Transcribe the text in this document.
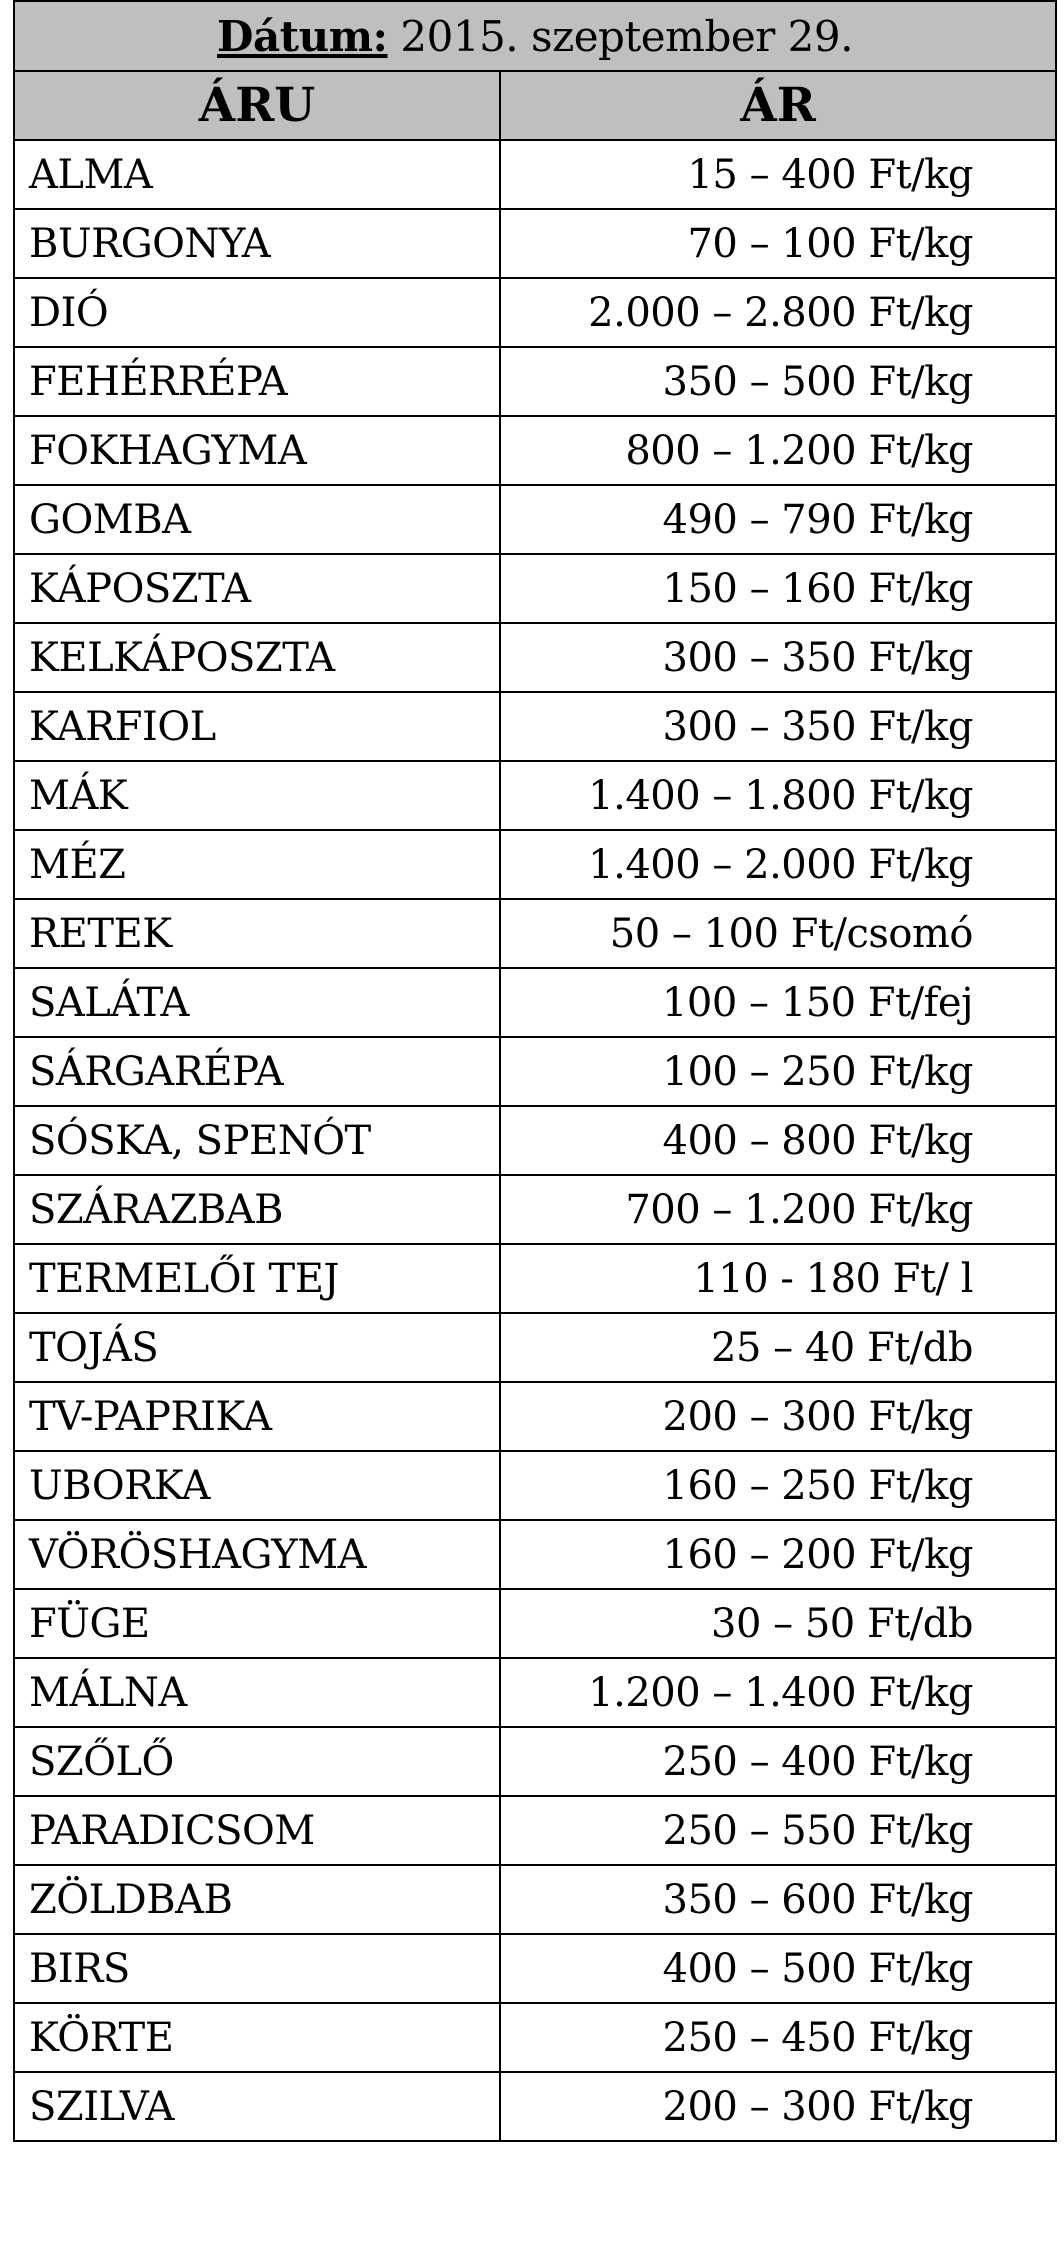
Dátum: 2015. szeptember 29.	
ÁRU	ÁR
ALMA	15 – 400 Ft/kg
BURGONYA	70 – 100 Ft/kg
DIÓ	2.000 – 2.800 Ft/kg
FEHÉRRÉPA	350 – 500 Ft/kg
FOKHAGYMA	800 – 1.200 Ft/kg
GOMBA	490 – 790 Ft/kg
KÁPOSZTA	150 – 160 Ft/kg
KELKÁPOSZTA	300 – 350 Ft/kg
KARFIOL	300 – 350 Ft/kg
MÁK	1.400 – 1.800 Ft/kg
MÉZ	1.400 – 2.000 Ft/kg
RETEK	50 – 100 Ft/csomó
SALÁTA	100 – 150 Ft/fej
SÁRGARÉPA	100 – 250 Ft/kg
SÓSKA, SPENÓT	400 – 800 Ft/kg
SZÁRAZBAB	700 – 1.200 Ft/kg
TERMELŐI TEJ	110 - 180 Ft/ l
TOJÁS	25 – 40 Ft/db
TV-PAPRIKA	200 – 300 Ft/kg
UBORKA	160 – 250 Ft/kg
VÖRÖSHAGYMA	160 – 200 Ft/kg
FÜGE	30 – 50 Ft/db
MÁLNA	1.200 – 1.400 Ft/kg
SZŐLŐ	250 – 400 Ft/kg
PARADICSOM	250 – 550 Ft/kg
ZÖLDBAB	350 – 600 Ft/kg
BIRS	400 – 500 Ft/kg
KÖRTE	250 – 450 Ft/kg
SZILVA	200 – 300 Ft/kg
